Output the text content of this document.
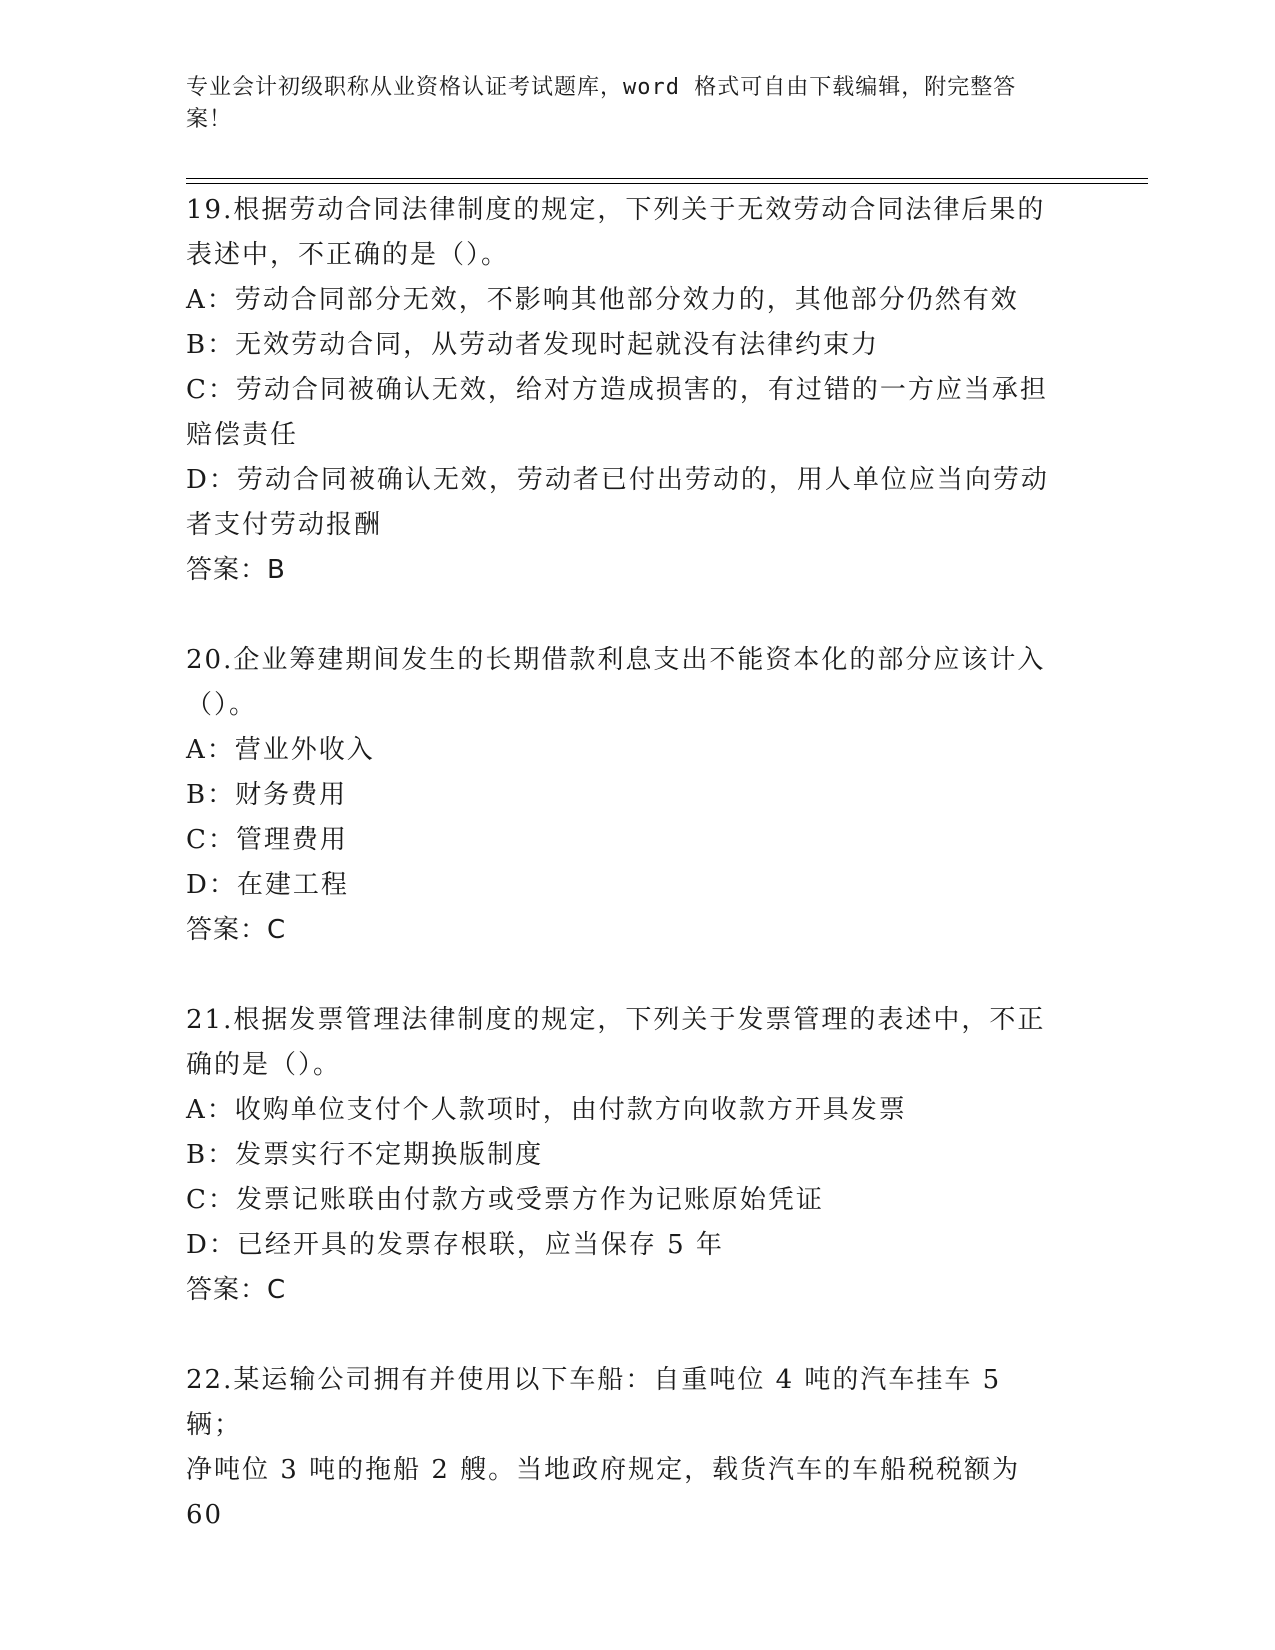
专业会计初级职称从业资格认证考试题库，word 格式可自由下载编辑，附完整答
案！
19.根据劳动合同法律制度的规定，下列关于无效劳动合同法律后果的
表述中，不正确的是（）。
A：劳动合同部分无效，不影响其他部分效力的，其他部分仍然有效
B：无效劳动合同，从劳动者发现时起就没有法律约束力
C：劳动合同被确认无效，给对方造成损害的，有过错的一方应当承担
赔偿责任
D：劳动合同被确认无效，劳动者已付出劳动的，用人单位应当向劳动
者支付劳动报酬
答案：B
20.企业筹建期间发生的长期借款利息支出不能资本化的部分应该计入
（）。
A：营业外收入
B：财务费用
C：管理费用
D：在建工程
答案：C
21.根据发票管理法律制度的规定，下列关于发票管理的表述中，不正
确的是（）。
A：收购单位支付个人款项时，由付款方向收款方开具发票
B：发票实行不定期换版制度
C：发票记账联由付款方或受票方作为记账原始凭证
D：已经开具的发票存根联，应当保存 5 年
答案：C
22.某运输公司拥有并使用以下车船：自重吨位 4 吨的汽车挂车 5 辆；
净吨位 3 吨的拖船 2 艘。当地政府规定，载货汽车的车船税税额为 60
